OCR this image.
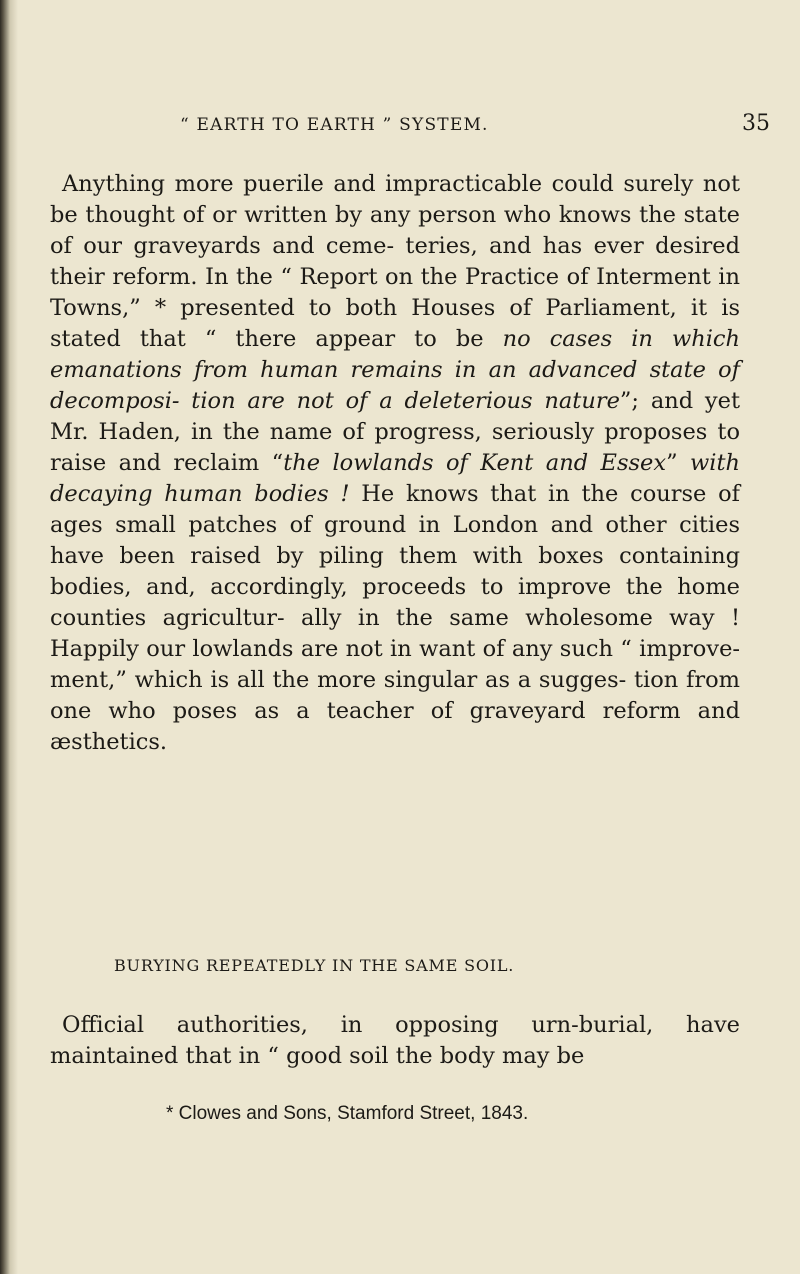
“ EARTH TO EARTH ” SYSTEM.	35

Anything more puerile and impracticable could surely not be thought of or written by any person who knows the state of our graveyards and ceme- teries, and has ever desired their reform. In the “ Report on the Practice of Interment in Towns,” * presented to both Houses of Parliament, it is stated that “ there appear to be no cases in which emanations from human remains in an advanced state of decomposi- tion are not of a deleterious nature”; and yet Mr. Haden, in the name of progress, seriously proposes to raise and reclaim “the lowlands of Kent and Essex” with decaying human bodies ! He knows that in the course of ages small patches of ground in London and other cities have been raised by piling them with boxes containing bodies, and, accordingly, proceeds to improve the home counties agricultur- ally in the same wholesome way ! Happily our lowlands are not in want of any such “ improve- ment,” which is all the more singular as a sugges- tion from one who poses as a teacher of graveyard reform and æsthetics.

BURYING REPEATEDLY IN THE SAME SOIL.

Official authorities, in opposing urn-burial, have maintained that in “ good soil the body may be

* Clowes and Sons, Stamford Street, 1843.
